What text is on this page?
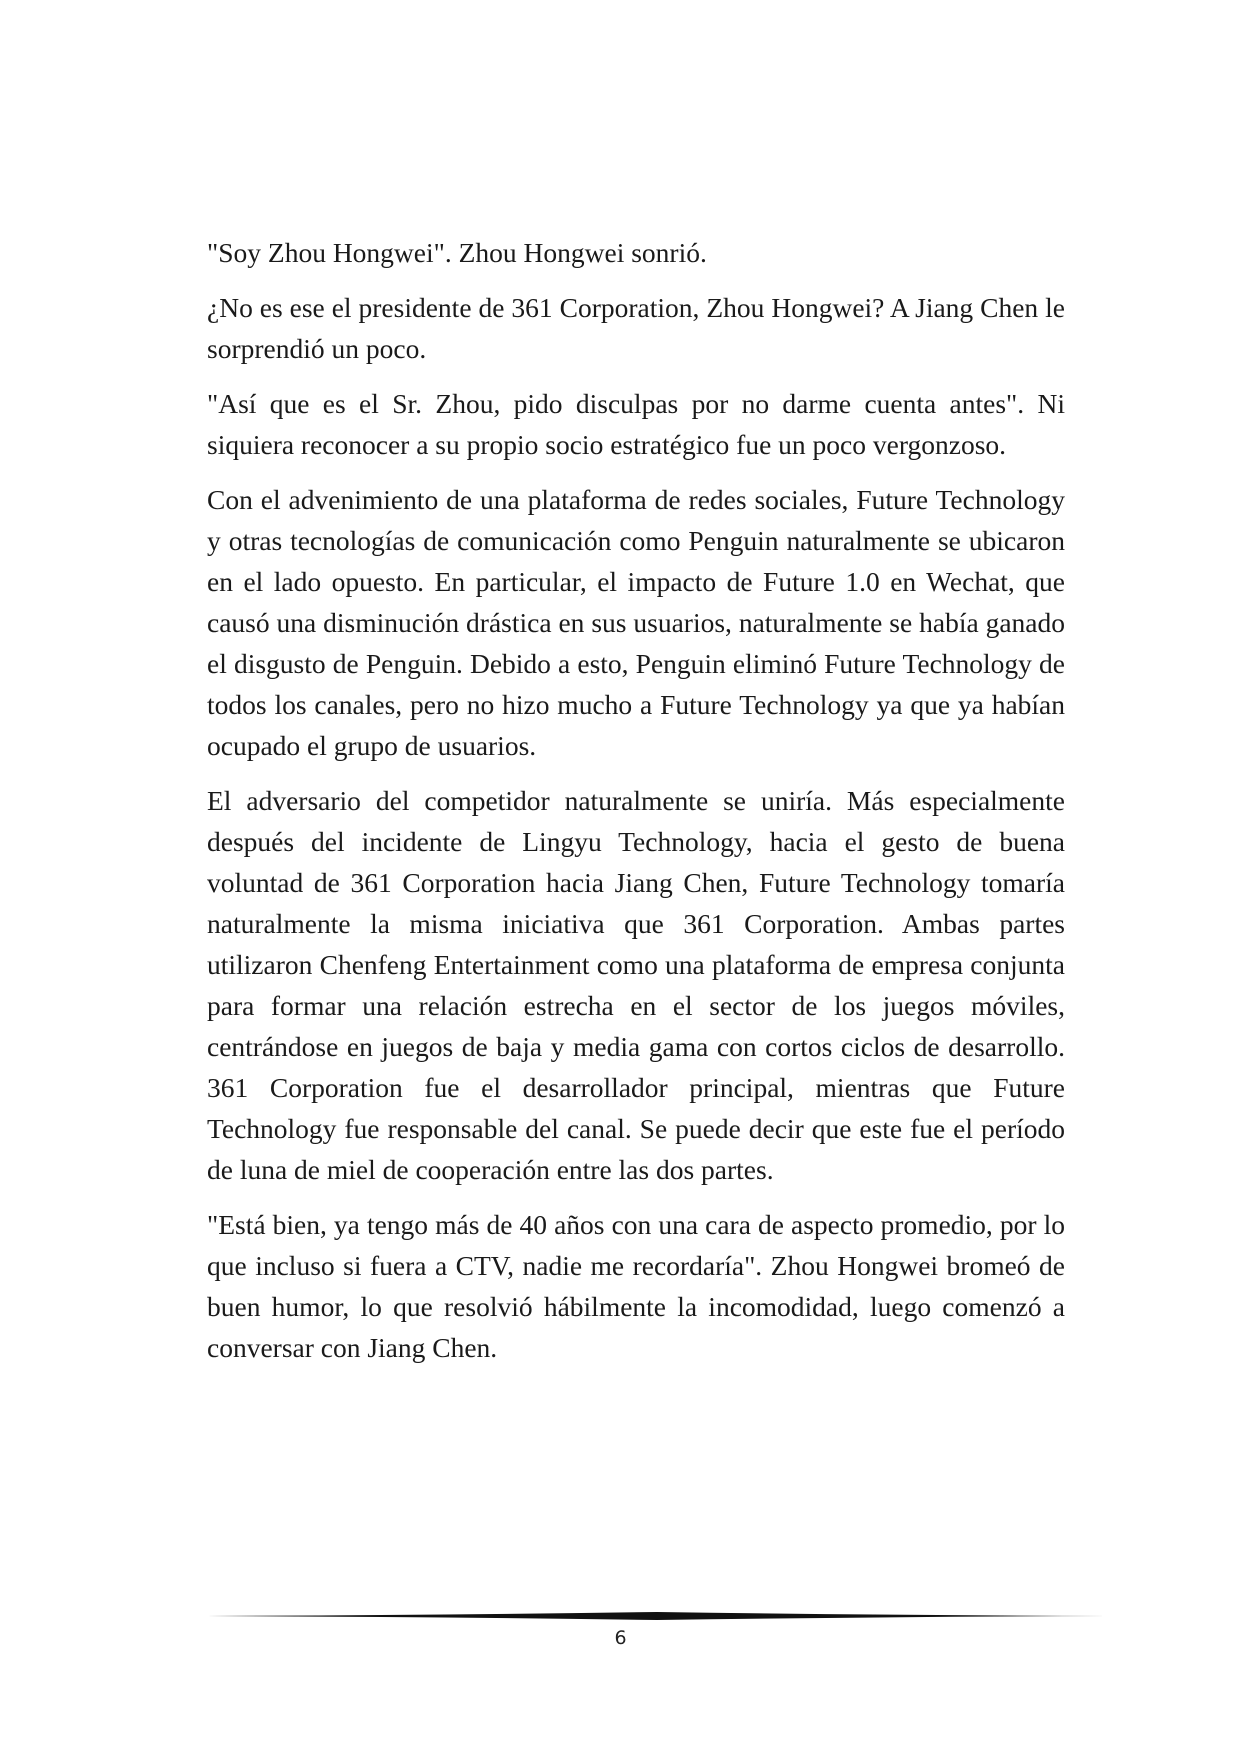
"Soy Zhou Hongwei". Zhou Hongwei sonrió.

¿No es ese el presidente de 361 Corporation, Zhou Hongwei? A Jiang Chen le sorprendió un poco.

"Así que es el Sr. Zhou, pido disculpas por no darme cuenta antes". Ni siquiera reconocer a su propio socio estratégico fue un poco vergonzoso.

Con el advenimiento de una plataforma de redes sociales, Future Technology y otras tecnologías de comunicación como Penguin naturalmente se ubicaron en el lado opuesto. En particular, el impacto de Future 1.0 en Wechat, que causó una disminución drástica en sus usuarios, naturalmente se había ganado el disgusto de Penguin. Debido a esto, Penguin eliminó Future Technology de todos los canales, pero no hizo mucho a Future Technology ya que ya habían ocupado el grupo de usuarios.

El adversario del competidor naturalmente se uniría. Más especialmente después del incidente de Lingyu Technology, hacia el gesto de buena voluntad de 361 Corporation hacia Jiang Chen, Future Technology tomaría naturalmente la misma iniciativa que 361 Corporation. Ambas partes utilizaron Chenfeng Entertainment como una plataforma de empresa conjunta para formar una relación estrecha en el sector de los juegos móviles, centrándose en juegos de baja y media gama con cortos ciclos de desarrollo. 361 Corporation fue el desarrollador principal, mientras que Future Technology fue responsable del canal. Se puede decir que este fue el período de luna de miel de cooperación entre las dos partes.

"Está bien, ya tengo más de 40 años con una cara de aspecto promedio, por lo que incluso si fuera a CTV, nadie me recordaría". Zhou Hongwei bromeó de buen humor, lo que resolvió hábilmente la incomodidad, luego comenzó a conversar con Jiang Chen.

6
